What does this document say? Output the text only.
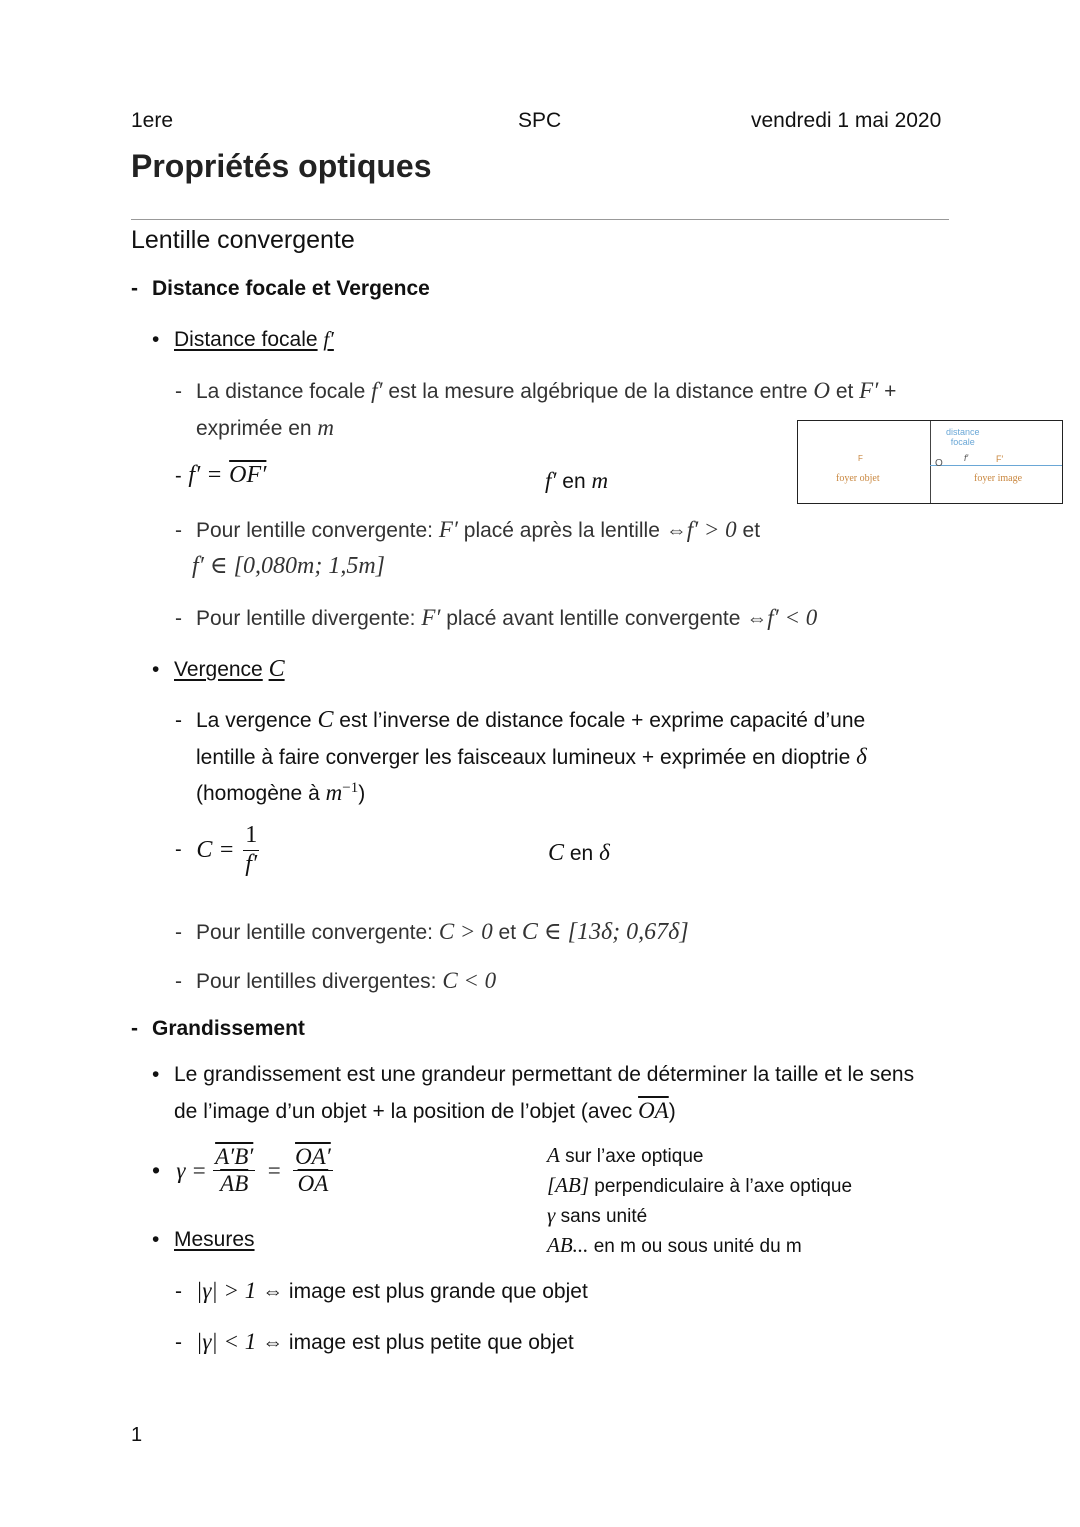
1ere	SPC	vendredi 1 mai 2020
Propriétés optiques
Lentille convergente
- Distance focale et Vergence
• Distance focale f′
- La distance focale f′ est la mesure algébrique de la distance entre O et F′ +
exprimée en m
- f′ = OF′	f′ en m
O
F
foyer objet
distance
focale
f′	F′
foyer image
- Pour lentille convergente: F′ placé après la lentille ⇔f′ > 0 et
f′ ∈ [0,080m; 1,5m]
- Pour lentille divergente: F′ placé avant lentille convergente ⇔f′ < 0
• Vergence C
- La vergence C est l’inverse de distance focale + exprime capacité d’une
lentille à faire converger les faisceaux lumineux + exprimée en dioptrie δ
(homogène à $m^{-1}$)
- $C = \frac{1}{f'}$	C en δ
- Pour lentille convergente: C > 0 et C ∈ [13δ; 0,67δ]
- Pour lentilles divergentes: C < 0
- Grandissement
• Le grandissement est une grandeur permettant de déterminer la taille et le sens
de l’image d’un objet + la position de l’objet (avec $\overline{OA}$)
• $\gamma = \frac{A'B'}{AB} = \frac{OA'}{OA}$	A sur l’axe optique
[AB] perpendiculaire à l’axe optique
γ sans unité
AB... en m ou sous unité du m
• Mesures
- |γ| > 1 ⇔ image est plus grande que objet
- |γ| < 1 ⇔ image est plus petite que objet
1
